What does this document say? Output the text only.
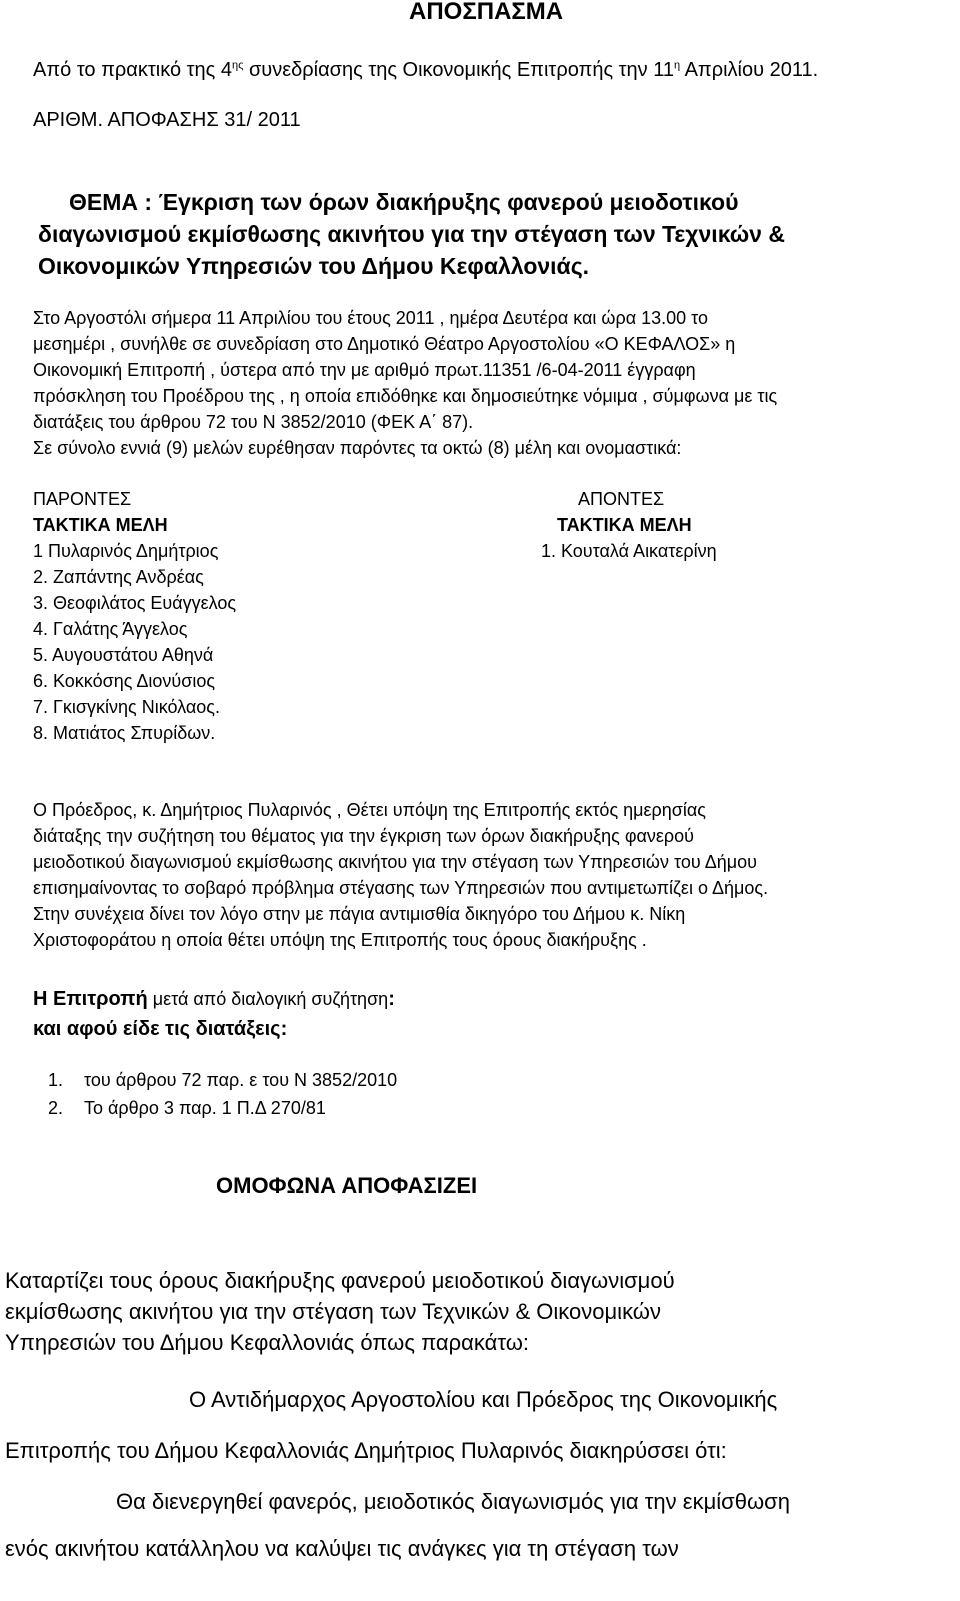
ΑΠΟΣΠΑΣΜΑ
Από το πρακτικό της $4^{\eta\varsigma}$ συνεδρίασης της Οικονομικής Επιτροπής την $11^\eta$ Απριλίου 2011.
ΑΡΙΘΜ. ΑΠΟΦΑΣΗΣ 31/ 2011
ΘΕΜΑ : Έγκριση των όρων διακήρυξης φανερού μειοδοτικού
διαγωνισμού εκμίσθωσης ακινήτου για την στέγαση των Τεχνικών &
Οικονομικών Υπηρεσιών του Δήμου Κεφαλλονιάς.

Στο Αργοστόλι σήμερα 11 Απριλίου του έτους 2011 , ημέρα Δευτέρα και ώρα 13.00 το

μεσημέρι , συνήλθε σε συνεδρίαση στο Δημοτικό Θέατρο Αργοστολίου «Ο ΚΕΦΑΛΟΣ» η

Οικονομική Επιτροπή , ύστερα από την με αριθμό πρωτ.11351 /6-04-2011 έγγραφη

πρόσκληση του Προέδρου της , η οποία επιδόθηκε και δημοσιεύτηκε νόμιμα , σύμφωνα με τις

διατάξεις του άρθρου 72 του Ν 3852/2010 (ΦΕΚ Α΄ 87).

Σε σύνολο εννιά (9) μελών ευρέθησαν παρόντες τα οκτώ (8) μέλη και ονομαστικά:

ΠΑΡΟΝΤΕΣ
ΤΑΚΤΙΚΑ ΜΕΛΗ
1 Πυλαρινός Δημήτριος
2. Ζαπάντης Ανδρέας
3. Θεοφιλάτος Ευάγγελος
4. Γαλάτης Άγγελος
5. Αυγουστάτου Αθηνά
6. Κοκκόσης Διονύσιος
7. Γκισγκίνης Νικόλαος.
8. Ματιάτος Σπυρίδων.
ΑΠΟΝΤΕΣ
ΤΑΚΤΙΚΑ ΜΕΛΗ
1. Κουταλά Αικατερίνη

Ο Πρόεδρος, κ. Δημήτριος Πυλαρινός , Θέτει υπόψη της Επιτροπής εκτός ημερησίας

διάταξης την συζήτηση του θέματος για την έγκριση των όρων διακήρυξης φανερού

μειοδοτικού διαγωνισμού εκμίσθωσης ακινήτου για την στέγαση των Υπηρεσιών του Δήμου

επισημαίνοντας το σοβαρό πρόβλημα στέγασης των Υπηρεσιών που αντιμετωπίζει ο Δήμος.

Στην συνέχεια δίνει τον λόγο στην με πάγια αντιμισθία δικηγόρο του Δήμου κ. Νίκη

Χριστοφοράτου η οποία θέτει υπόψη της Επιτροπής τους όρους διακήρυξης .

Η Επιτροπή μετά από διαλογική συζήτηση:
και αφού είδε τις διατάξεις:
1. του άρθρου 72 παρ. ε του Ν 3852/2010
2. Το άρθρο 3 παρ. 1 Π.Δ 270/81
ΟΜΟΦΩΝΑ ΑΠΟΦΑΣΙΖΕΙ
Καταρτίζει τους όρους διακήρυξης φανερού μειοδοτικού διαγωνισμού
εκμίσθωσης ακινήτου για την στέγαση των Τεχνικών & Οικονομικών
Υπηρεσιών του Δήμου Κεφαλλονιάς όπως παρακάτω:
Ο Αντιδήμαρχος Αργοστολίου και Πρόεδρος της Οικονομικής
Επιτροπής του Δήμου Κεφαλλονιάς Δημήτριος Πυλαρινός διακηρύσσει ότι:
Θα διενεργηθεί φανερός, μειοδοτικός διαγωνισμός για την εκμίσθωση
ενός ακινήτου κατάλληλου να καλύψει τις ανάγκες για τη στέγαση των
